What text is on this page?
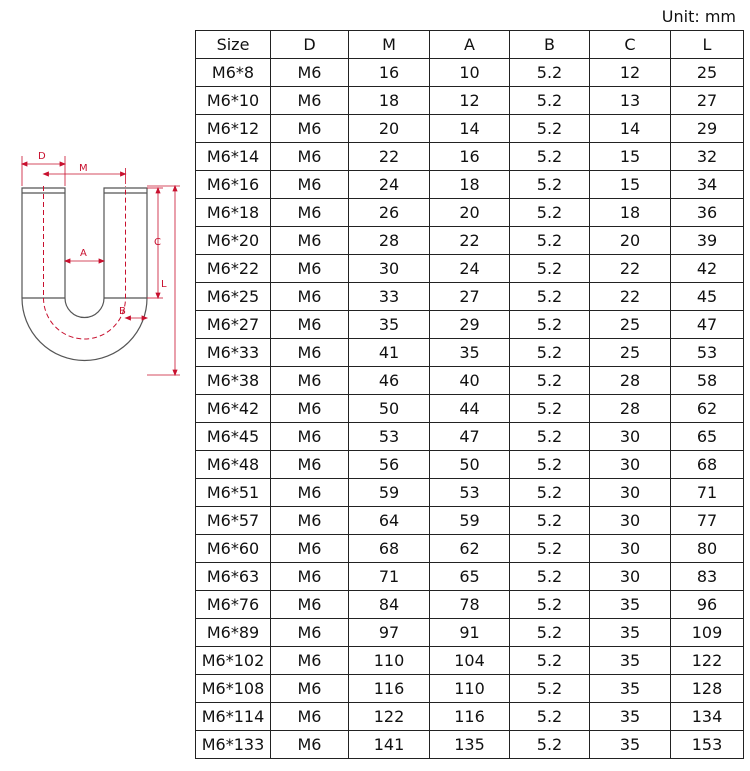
Unit: mm
D
M
A
B
C
L
Size	D	M	A	B	C	L
M6*8	M6	16	10	5.2	12	25
M6*10	M6	18	12	5.2	13	27
M6*12	M6	20	14	5.2	14	29
M6*14	M6	22	16	5.2	15	32
M6*16	M6	24	18	5.2	15	34
M6*18	M6	26	20	5.2	18	36
M6*20	M6	28	22	5.2	20	39
M6*22	M6	30	24	5.2	22	42
M6*25	M6	33	27	5.2	22	45
M6*27	M6	35	29	5.2	25	47
M6*33	M6	41	35	5.2	25	53
M6*38	M6	46	40	5.2	28	58
M6*42	M6	50	44	5.2	28	62
M6*45	M6	53	47	5.2	30	65
M6*48	M6	56	50	5.2	30	68
M6*51	M6	59	53	5.2	30	71
M6*57	M6	64	59	5.2	30	77
M6*60	M6	68	62	5.2	30	80
M6*63	M6	71	65	5.2	30	83
M6*76	M6	84	78	5.2	35	96
M6*89	M6	97	91	5.2	35	109
M6*102	M6	110	104	5.2	35	122
M6*108	M6	116	110	5.2	35	128
M6*114	M6	122	116	5.2	35	134
M6*133	M6	141	135	5.2	35	153
